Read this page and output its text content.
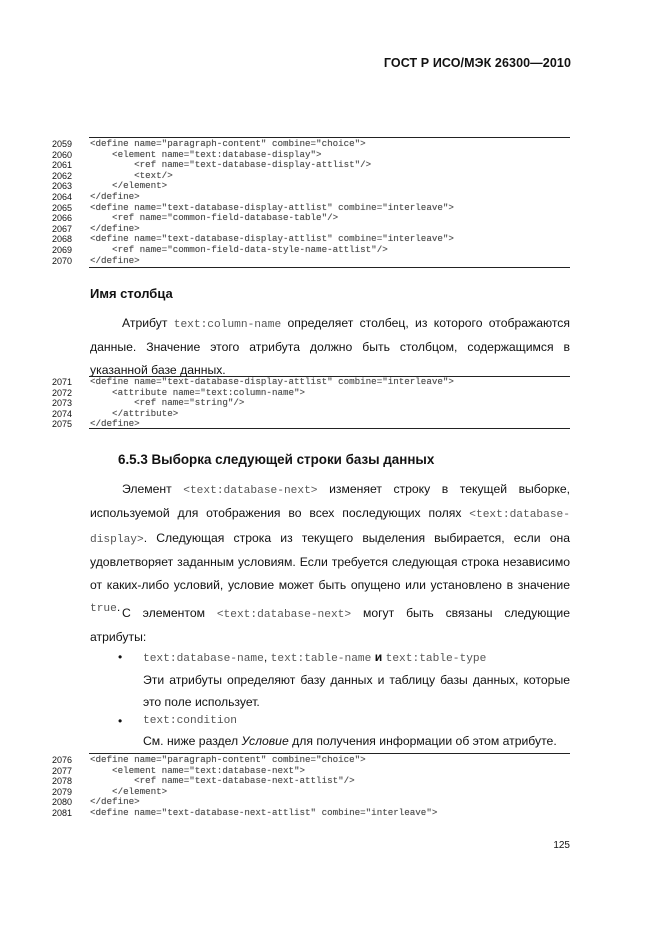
ГОСТ Р ИСО/МЭК 26300—2010
2059	<define name="paragraph-content" combine="choice">
2060	<element name="text:database-display">
2061	<ref name="text-database-display-attlist"/>
2062	<text/>
2063	</element>
2064	</define>
2065	<define name="text-database-display-attlist" combine="interleave">
2066	<ref name="common-field-database-table"/>
2067	</define>
2068	<define name="text-database-display-attlist" combine="interleave">
2069	<ref name="common-field-data-style-name-attlist"/>
2070	</define>
Имя столбца
Атрибут text:column-name определяет столбец, из которого отображаются данные. Значение этого атрибута должно быть столбцом, содержащимся в указанной базе данных.
2071	<define name="text-database-display-attlist" combine="interleave">
2072	<attribute name="text:column-name">
2073	<ref name="string"/>
2074	</attribute>
2075	</define>
6.5.3 Выборка следующей строки базы данных
Элемент <text:database-next> изменяет строку в текущей выборке, используемой для отображения во всех последующих полях <text:database-display>. Следующая строка из текущего выделения выбирается, если она удовлетворяет заданным условиям. Если требуется следующая строка независимо от каких-либо условий, условие может быть опущено или установлено в значение true. С элементом <text:database-next> могут быть связаны следующие атрибуты:
• text:database-name, text:table-name и text:table-type
Эти атрибуты определяют базу данных и таблицу базы данных, которые это поле использует.
• text:condition
См. ниже раздел Условие для получения информации об этом атрибуте.
2076	<define name="paragraph-content" combine="choice">
2077	<element name="text:database-next">
2078	<ref name="text-database-next-attlist"/>
2079	</element>
2080	</define>
2081	<define name="text-database-next-attlist" combine="interleave">
125
